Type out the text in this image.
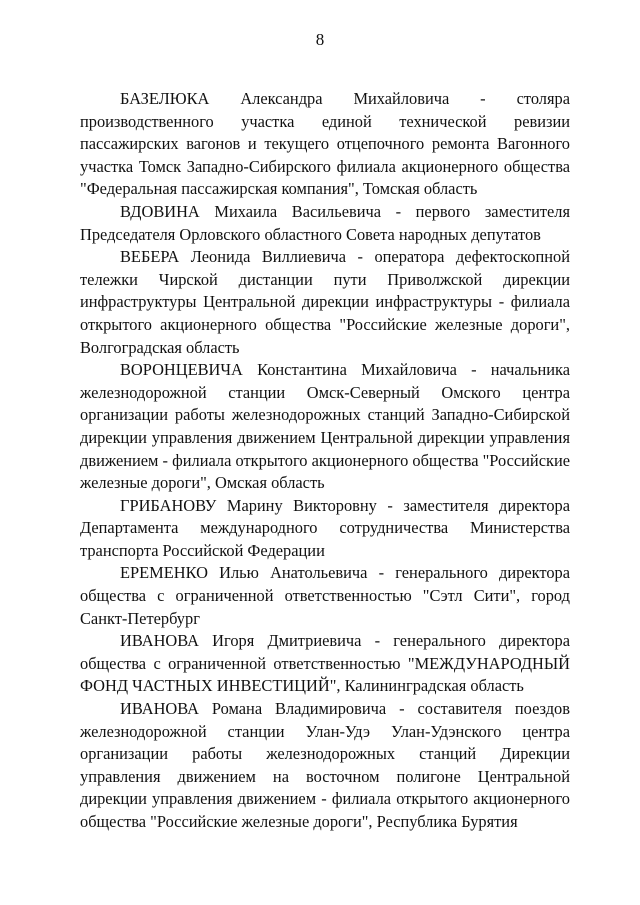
8

БАЗЕЛЮКА Александра Михайловича - столяра производственного участка единой технической ревизии пассажирских вагонов и текущего отцепочного ремонта Вагонного участка Томск Западно-Сибирского филиала акционерного общества "Федеральная пассажирская компания", Томская область

ВДОВИНА Михаила Васильевича - первого заместителя Председателя Орловского областного Совета народных депутатов

ВЕБЕРА Леонида Виллиевича - оператора дефектоскопной тележки Чирской дистанции пути Приволжской дирекции инфраструктуры Центральной дирекции инфраструктуры - филиала открытого акционерного общества "Российские железные дороги", Волгоградская область

ВОРОНЦЕВИЧА Константина Михайловича - начальника железнодорожной станции Омск-Северный Омского центра организации работы железнодорожных станций Западно-Сибирской дирекции управления движением Центральной дирекции управления движением - филиала открытого акционерного общества "Российские железные дороги", Омская область

ГРИБАНОВУ Марину Викторовну - заместителя директора Департамента международного сотрудничества Министерства транспорта Российской Федерации

ЕРЕМЕНКО Илью Анатольевича - генерального директора общества с ограниченной ответственностью "Сэтл Сити", город Санкт-Петербург

ИВАНОВА Игоря Дмитриевича - генерального директора общества с ограниченной ответственностью "МЕЖДУНАРОДНЫЙ ФОНД ЧАСТНЫХ ИНВЕСТИЦИЙ", Калининградская область

ИВАНОВА Романа Владимировича - составителя поездов железнодорожной станции Улан-Удэ Улан-Удэнского центра организации работы железнодорожных станций Дирекции управления движением на восточном полигоне Центральной дирекции управления движением - филиала открытого акционерного общества "Российские железные дороги", Республика Бурятия
